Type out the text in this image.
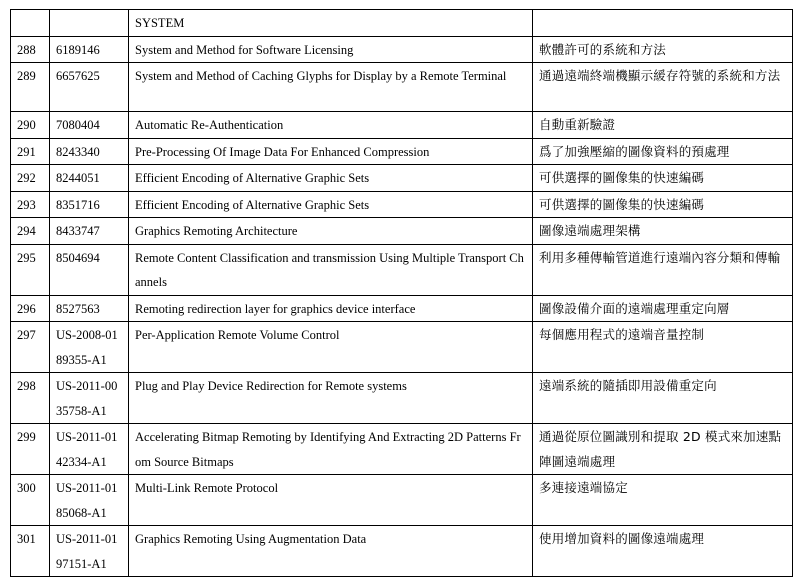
		SYSTEM	
288	6189146	System and Method for Software Licensing	軟體許可的系統和方法
289	6657625	System and Method of Caching Glyphs for Display by a Remote Terminal	通過遠端終端機顯示緩存符號的系統和方法
290	7080404	Automatic Re-Authentication	自動重新驗證
291	8243340	Pre-Processing Of Image Data For Enhanced Compression	爲了加強壓縮的圖像資料的預處理
292	8244051	Efficient Encoding of Alternative Graphic Sets	可供選擇的圖像集的快速編碼
293	8351716	Efficient Encoding of Alternative Graphic Sets	可供選擇的圖像集的快速編碼
294	8433747	Graphics Remoting Architecture	圖像遠端處理架構
295	8504694	Remote Content Classification and transmission Using Multiple Transport Channels	利用多種傳輸管道進行遠端內容分類和傳輸
296	8527563	Remoting redirection layer for graphics device interface	圖像設備介面的遠端處理重定向層
297	US-2008-0189355-A1	Per-Application Remote Volume Control	每個應用程式的遠端音量控制
298	US-2011-0035758-A1	Plug and Play Device Redirection for Remote systems	遠端系統的隨插即用設備重定向
299	US-2011-0142334-A1	Accelerating Bitmap Remoting by Identifying And Extracting 2D Patterns From Source Bitmaps	通過從原位圖識別和提取 2D 模式來加速點陣圖遠端處理
300	US-2011-0185068-A1	Multi-Link Remote Protocol	多連接遠端協定
301	US-2011-0197151-A1	Graphics Remoting Using Augmentation Data	使用增加資料的圖像遠端處理
